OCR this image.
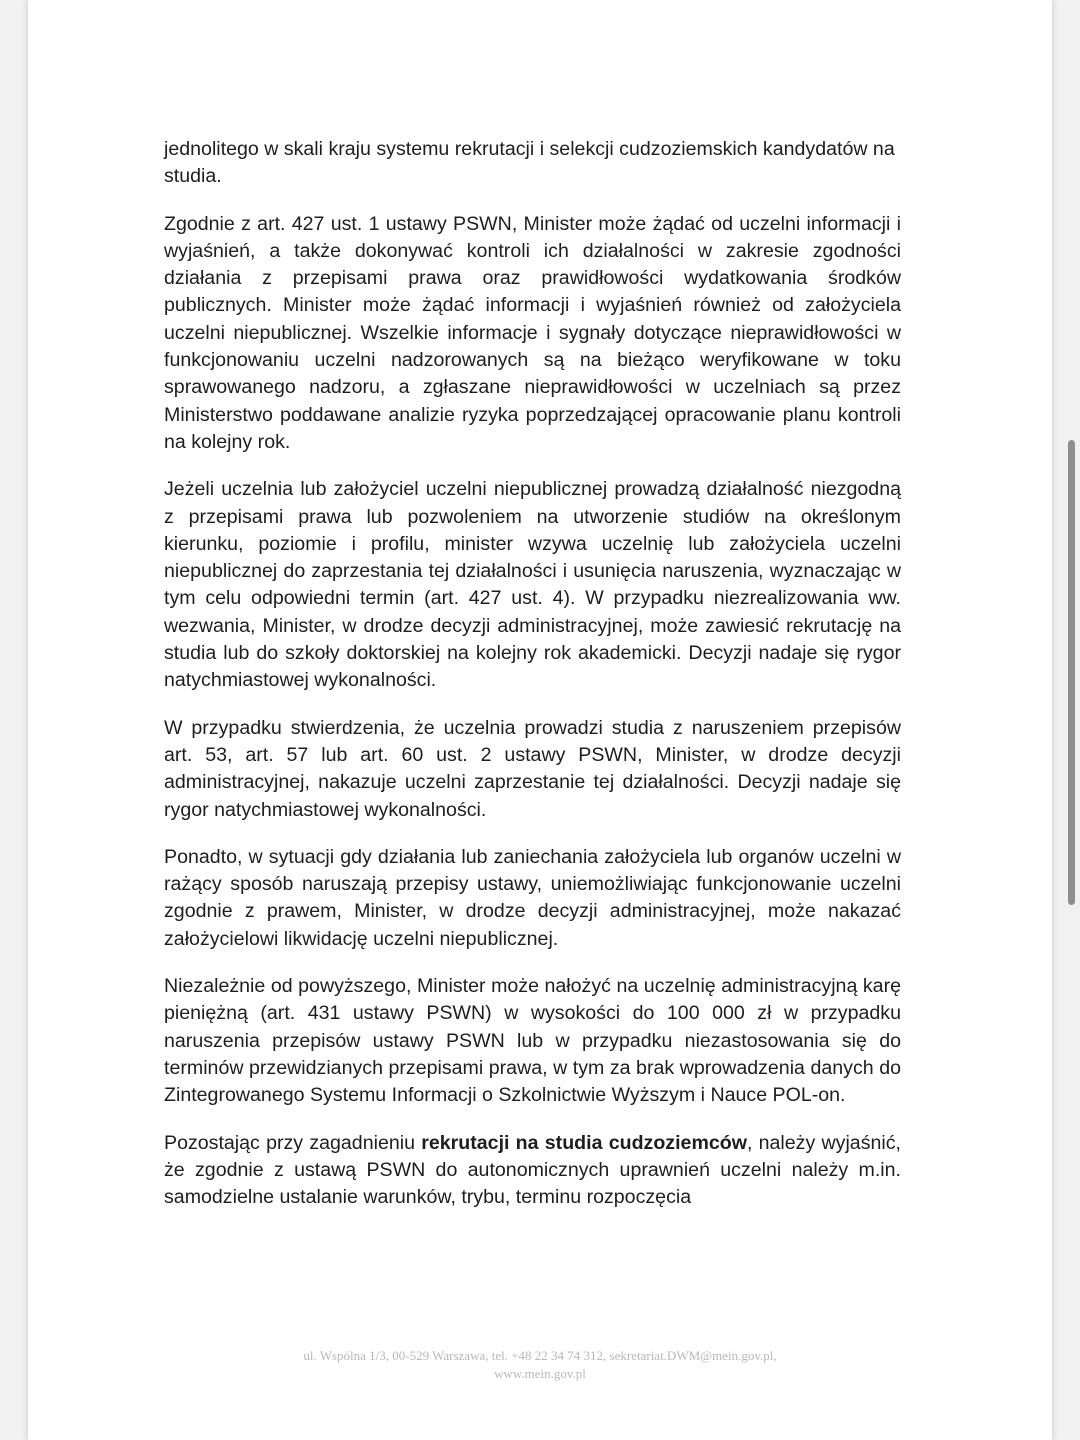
jednolitego w skali kraju systemu rekrutacji i selekcji cudzoziemskich kandydatów na studia.

Zgodnie z art. 427 ust. 1 ustawy PSWN, Minister może żądać od uczelni informacji i wyjaśnień, a także dokonywać kontroli ich działalności w zakresie zgodności działania z przepisami prawa oraz prawidłowości wydatkowania środków publicznych. Minister może żądać informacji i wyjaśnień również od założyciela uczelni niepublicznej. Wszelkie informacje i sygnały dotyczące nieprawidłowości w funkcjonowaniu uczelni nadzorowanych są na bieżąco weryfikowane w toku sprawowanego nadzoru, a zgłaszane nieprawidłowości w uczelniach są przez Ministerstwo poddawane analizie ryzyka poprzedzającej opracowanie planu kontroli na kolejny rok.

Jeżeli uczelnia lub założyciel uczelni niepublicznej prowadzą działalność niezgodną z przepisami prawa lub pozwoleniem na utworzenie studiów na określonym kierunku, poziomie i profilu, minister wzywa uczelnię lub założyciela uczelni niepublicznej do zaprzestania tej działalności i usunięcia naruszenia, wyznaczając w tym celu odpowiedni termin (art. 427 ust. 4). W przypadku niezrealizowania ww. wezwania, Minister, w drodze decyzji administracyjnej, może zawiesić rekrutację na studia lub do szkoły doktorskiej na kolejny rok akademicki. Decyzji nadaje się rygor natychmiastowej wykonalności.

W przypadku stwierdzenia, że uczelnia prowadzi studia z naruszeniem przepisów art. 53, art. 57 lub art. 60 ust. 2 ustawy PSWN, Minister, w drodze decyzji administracyjnej, nakazuje uczelni zaprzestanie tej działalności. Decyzji nadaje się rygor natychmiastowej wykonalności.

Ponadto, w sytuacji gdy działania lub zaniechania założyciela lub organów uczelni w rażący sposób naruszają przepisy ustawy, uniemożliwiając funkcjonowanie uczelni zgodnie z prawem, Minister, w drodze decyzji administracyjnej, może nakazać założycielowi likwidację uczelni niepublicznej.

Niezależnie od powyższego, Minister może nałożyć na uczelnię administracyjną karę pieniężną (art. 431 ustawy PSWN) w wysokości do 100 000 zł w przypadku naruszenia przepisów ustawy PSWN lub w przypadku niezastosowania się do terminów przewidzianych przepisami prawa, w tym za brak wprowadzenia danych do Zintegrowanego Systemu Informacji o Szkolnictwie Wyższym i Nauce POL-on.

Pozostając przy zagadnieniu rekrutacji na studia cudzoziemców, należy wyjaśnić, że zgodnie z ustawą PSWN do autonomicznych uprawnień uczelni należy m.in. samodzielne ustalanie warunków, trybu, terminu rozpoczęcia

ul. Wspólna 1/3, 00-529 Warszawa, tel. +48 22 34 74 312, sekretariat.DWM@mein.gov.pl,
www.mein.gov.pl
